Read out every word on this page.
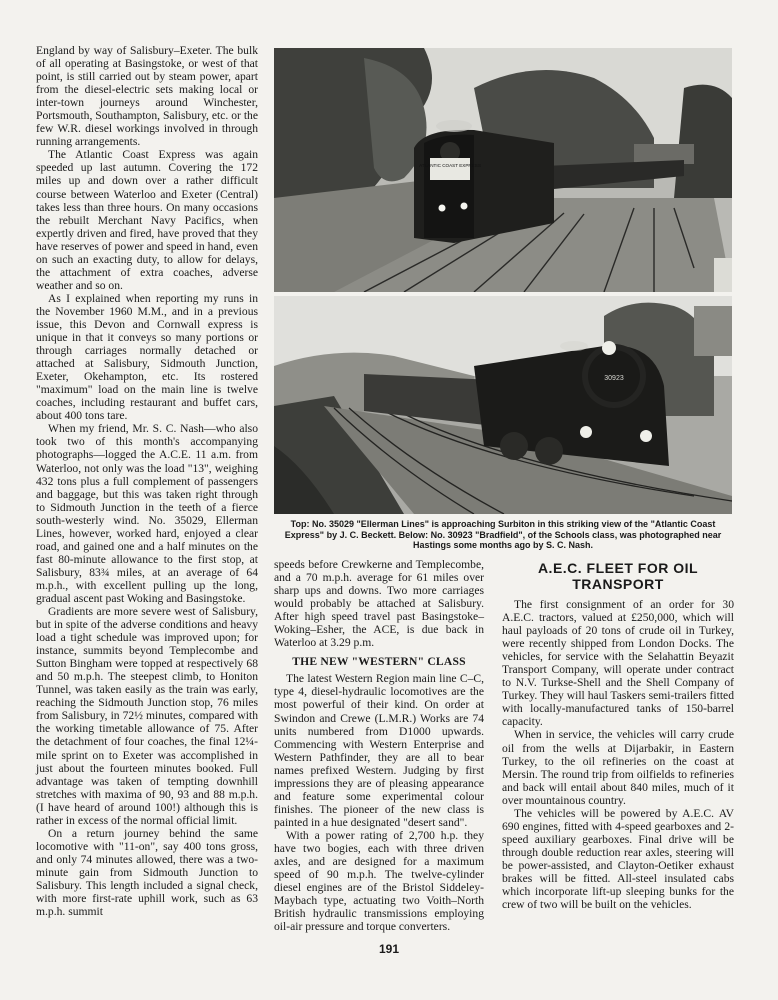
England by way of Salisbury–Exeter. The bulk of all operating at Basingstoke, or west of that point, is still carried out by steam power, apart from the diesel-electric sets making local or inter-town journeys around Winchester, Portsmouth, Southampton, Salisbury, etc. or the few W.R. diesel workings involved in through running arrangements.

The Atlantic Coast Express was again speeded up last autumn. Covering the 172 miles up and down over a rather difficult course between Waterloo and Exeter (Central) takes less than three hours. On many occasions the rebuilt Merchant Navy Pacifics, when expertly driven and fired, have proved that they have reserves of power and speed in hand, even on such an exacting duty, to allow for delays, the attachment of extra coaches, adverse weather and so on.

As I explained when reporting my runs in the November 1960 M.M., and in a previous issue, this Devon and Cornwall express is unique in that it conveys so many portions or through carriages normally detached or attached at Salisbury, Sidmouth Junction, Exeter, Okehampton, etc. Its rostered "maximum" load on the main line is twelve coaches, including restaurant and buffet cars, about 400 tons tare.

When my friend, Mr. S. C. Nash—who also took two of this month's accompanying photographs—logged the A.C.E. 11 a.m. from Waterloo, not only was the load "13", weighing 432 tons plus a full complement of passengers and baggage, but this was taken right through to Sidmouth Junction in the teeth of a fierce south-westerly wind. No. 35029, Ellerman Lines, however, worked hard, enjoyed a clear road, and gained one and a half minutes on the fast 80-minute allowance to the first stop, at Salisbury, 83¾ miles, at an average of 64 m.p.h., with excellent pulling up the long, gradual ascent past Woking and Basingstoke.

Gradients are more severe west of Salisbury, but in spite of the adverse conditions and heavy load a tight schedule was improved upon; for instance, summits beyond Templecombe and Sutton Bingham were topped at respectively 68 and 50 m.p.h. The steepest climb, to Honiton Tunnel, was taken easily as the train was early, reaching the Sidmouth Junction stop, 76 miles from Salisbury, in 72½ minutes, compared with the working timetable allowance of 75. After the detachment of four coaches, the final 12¼-mile sprint on to Exeter was accomplished in just about the fourteen minutes booked. Full advantage was taken of tempting downhill stretches with maxima of 90, 93 and 88 m.p.h. (I have heard of around 100!) although this is rather in excess of the normal official limit.

On a return journey behind the same locomotive with "11-on", say 400 tons gross, and only 74 minutes allowed, there was a two-minute gain from Sidmouth Junction to Salisbury. This length included a signal check, with more first-rate uphill work, such as 63 m.p.h. summit

ATLANTIC COAST EXPRESS
30923
Top: No. 35029 "Ellerman Lines" is approaching Surbiton in this striking view of the "Atlantic Coast Express" by J. C. Beckett. Below: No. 30923 "Bradfield", of the Schools class, was photographed near Hastings some months ago by S. C. Nash.

speeds before Crewkerne and Templecombe, and a 70 m.p.h. average for 61 miles over sharp ups and downs. Two more carriages would probably be attached at Salisbury. After high speed travel past Basingstoke–Woking–Esher, the ACE, is due back in Waterloo at 3.29 p.m.

THE NEW "WESTERN" CLASS

The latest Western Region main line C–C, type 4, diesel-hydraulic locomotives are the most powerful of their kind. On order at Swindon and Crewe (L.M.R.) Works are 74 units numbered from D1000 upwards. Commencing with Western Enterprise and Western Pathfinder, they are all to bear names prefixed Western. Judging by first impressions they are of pleasing appearance and feature some experimental colour finishes. The pioneer of the new class is painted in a hue designated "desert sand".

With a power rating of 2,700 h.p. they have two bogies, each with three driven axles, and are designed for a maximum speed of 90 m.p.h. The twelve-cylinder diesel engines are of the Bristol Siddeley-Maybach type, actuating two Voith–North British hydraulic transmissions employing oil-air pressure and torque converters.

A.E.C. FLEET FOR OIL TRANSPORT

The first consignment of an order for 30 A.E.C. tractors, valued at £250,000, which will haul payloads of 20 tons of crude oil in Turkey, were recently shipped from London Docks. The vehicles, for service with the Selahattin Beyazit Transport Company, will operate under contract to N.V. Turkse-Shell and the Shell Company of Turkey. They will haul Taskers semi-trailers fitted with locally-manufactured tanks of 150-barrel capacity.

When in service, the vehicles will carry crude oil from the wells at Dijarbakir, in Eastern Turkey, to the oil refineries on the coast at Mersin. The round trip from oilfields to refineries and back will entail about 840 miles, much of it over mountainous country.

The vehicles will be powered by A.E.C. AV 690 engines, fitted with 4-speed gearboxes and 2-speed auxiliary gearboxes. Final drive will be through double reduction rear axles, steering will be power-assisted, and Clayton-Oetiker exhaust brakes will be fitted. All-steel insulated cabs which incorporate lift-up sleeping bunks for the crew of two will be built on the vehicles.

191
